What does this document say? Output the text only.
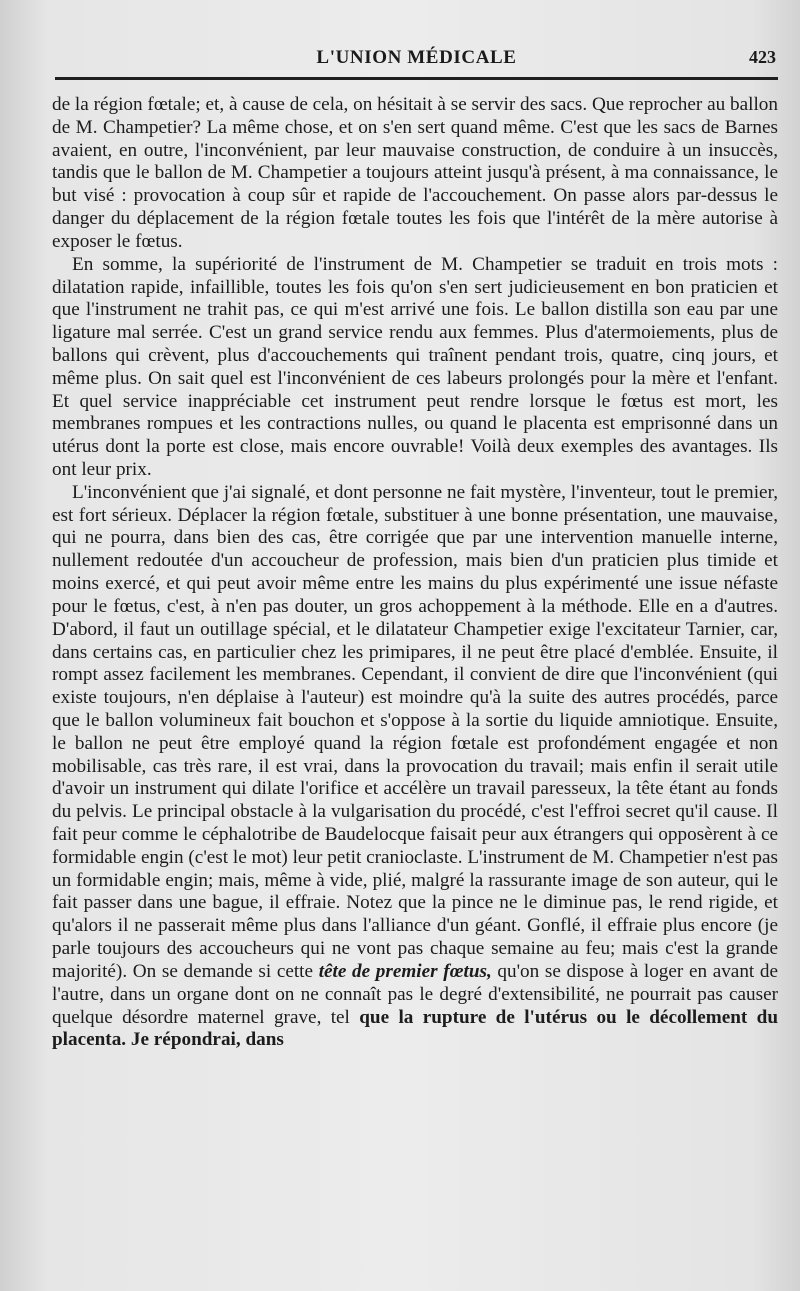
L'UNION MÉDICALE	423

de la région fœtale; et, à cause de cela, on hésitait à se servir des sacs. Que reprocher au ballon de M. Champetier? La même chose, et on s'en sert quand même. C'est que les sacs de Barnes avaient, en outre, l'inconvénient, par leur mauvaise construction, de conduire à un insuccès, tandis que le ballon de M. Champetier a toujours atteint jusqu'à présent, à ma connaissance, le but visé : provocation à coup sûr et rapide de l'accouchement. On passe alors par-dessus le danger du déplacement de la région fœtale toutes les fois que l'intérêt de la mère autorise à exposer le fœtus.

En somme, la supériorité de l'instrument de M. Champetier se traduit en trois mots : dilatation rapide, infaillible, toutes les fois qu'on s'en sert judicieusement en bon praticien et que l'instrument ne trahit pas, ce qui m'est arrivé une fois. Le ballon distilla son eau par une ligature mal serrée. C'est un grand service rendu aux femmes. Plus d'atermoiements, plus de ballons qui crèvent, plus d'accouchements qui traînent pendant trois, quatre, cinq jours, et même plus. On sait quel est l'inconvénient de ces labeurs prolongés pour la mère et l'enfant. Et quel service inappréciable cet instrument peut rendre lorsque le fœtus est mort, les membranes rompues et les contractions nulles, ou quand le placenta est emprisonné dans un utérus dont la porte est close, mais encore ouvrable! Voilà deux exemples des avantages. Ils ont leur prix.

L'inconvénient que j'ai signalé, et dont personne ne fait mystère, l'inventeur, tout le premier, est fort sérieux. Déplacer la région fœtale, substituer à une bonne présentation, une mauvaise, qui ne pourra, dans bien des cas, être corrigée que par une intervention manuelle interne, nullement redoutée d'un accoucheur de profession, mais bien d'un praticien plus timide et moins exercé, et qui peut avoir même entre les mains du plus expérimenté une issue néfaste pour le fœtus, c'est, à n'en pas douter, un gros achoppement à la méthode. Elle en a d'autres. D'abord, il faut un outillage spécial, et le dilatateur Champetier exige l'excitateur Tarnier, car, dans certains cas, en particulier chez les primipares, il ne peut être placé d'emblée. Ensuite, il rompt assez facilement les membranes. Cependant, il convient de dire que l'inconvénient (qui existe toujours, n'en déplaise à l'auteur) est moindre qu'à la suite des autres procédés, parce que le ballon volumineux fait bouchon et s'oppose à la sortie du liquide amniotique. Ensuite, le ballon ne peut être employé quand la région fœtale est profondément engagée et non mobilisable, cas très rare, il est vrai, dans la provocation du travail; mais enfin il serait utile d'avoir un instrument qui dilate l'orifice et accélère un travail paresseux, la tête étant au fonds du pelvis. Le principal obstacle à la vulgarisation du procédé, c'est l'effroi secret qu'il cause. Il fait peur comme le céphalotribe de Baudelocque faisait peur aux étrangers qui opposèrent à ce formidable engin (c'est le mot) leur petit cranioclaste. L'instrument de M. Champetier n'est pas un formidable engin; mais, même à vide, plié, malgré la rassurante image de son auteur, qui le fait passer dans une bague, il effraie. Notez que la pince ne le diminue pas, le rend rigide, et qu'alors il ne passerait même plus dans l'alliance d'un géant. Gonflé, il effraie plus encore (je parle toujours des accoucheurs qui ne vont pas chaque semaine au feu; mais c'est la grande majorité). On se demande si cette tête de premier fœtus, qu'on se dispose à loger en avant de l'autre, dans un organe dont on ne connaît pas le degré d'extensibilité, ne pourrait pas causer quelque désordre maternel grave, tel que la rupture de l'utérus ou le décollement du placenta. Je répondrai, dans
